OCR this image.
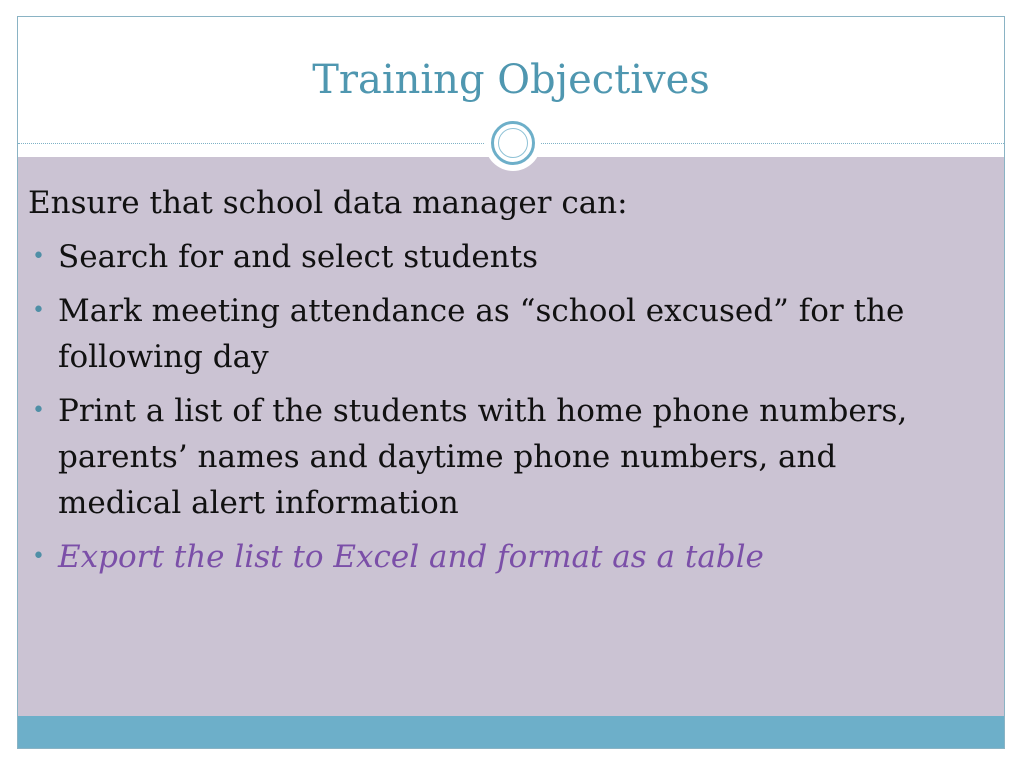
Training Objectives

Ensure that school data manager can:

• Search for and select students
• Mark meeting attendance as “school excused” for the following day
• Print a list of the students with home phone numbers, parents’ names and daytime phone numbers, and medical alert information
• Export the list to Excel and format as a table
